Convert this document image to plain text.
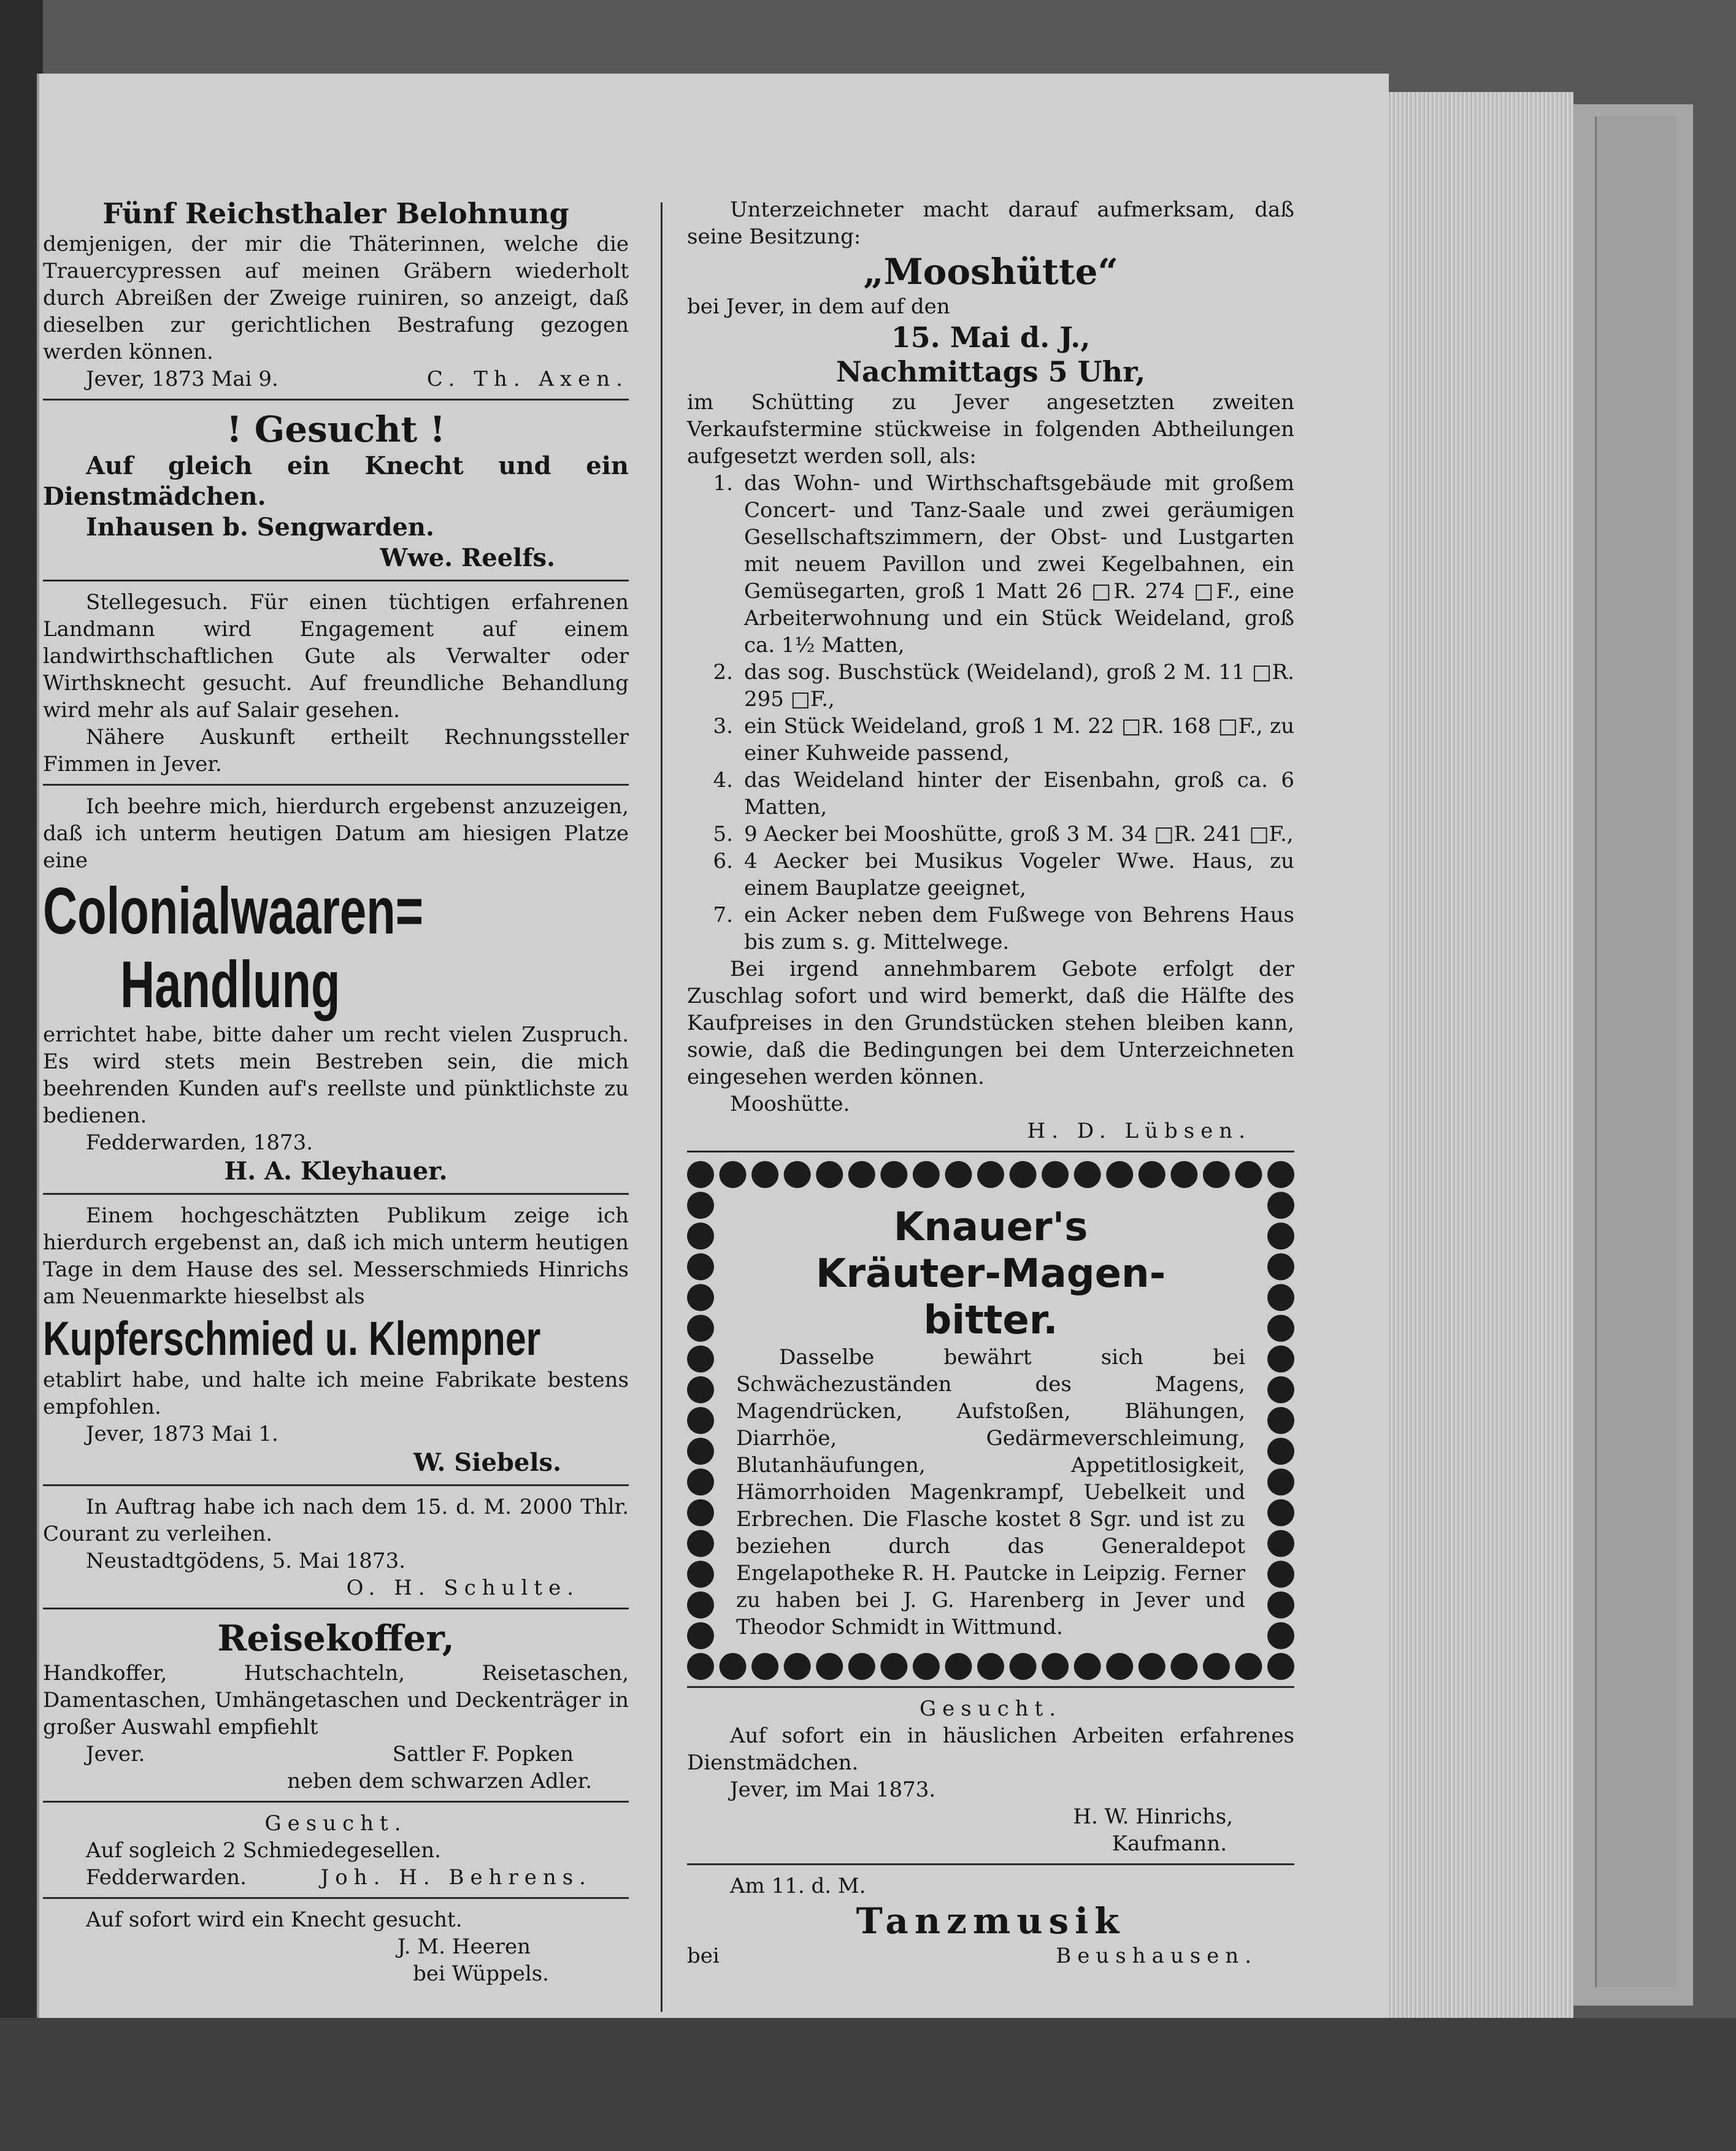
Fünf Reichsthaler Belohnung

demjenigen, der mir die Thäterinnen, welche die Trauercypressen auf meinen Gräbern wiederholt durch Abreißen der Zweige ruiniren, so anzeigt, daß dieselben zur gerichtlichen Bestrafung gezogen werden können.

Jever, 1873 Mai 9.	C. Th. Axen.

! Gesucht !

Auf gleich ein Knecht und ein Dienstmädchen.

Inhausen b. Sengwarden.

Wwe. Reelfs.

Stellegesuch. Für einen tüchtigen erfahrenen Landmann wird Engagement auf einem landwirthschaftlichen Gute als Verwalter oder Wirthsknecht gesucht. Auf freundliche Behandlung wird mehr als auf Salair gesehen.

Nähere Auskunft ertheilt Rechnungssteller Fimmen in Jever.

Ich beehre mich, hierdurch ergebenst anzuzeigen, daß ich unterm heutigen Datum am hiesigen Platze eine

Colonialwaaren=

Handlung

errichtet habe, bitte daher um recht vielen Zuspruch. Es wird stets mein Bestreben sein, die mich beehrenden Kunden auf's reellste und pünktlichste zu bedienen.

Fedderwarden, 1873.

H. A. Kleyhauer.

Einem hochgeschätzten Publikum zeige ich hierdurch ergebenst an, daß ich mich unterm heutigen Tage in dem Hause des sel. Messerschmieds Hinrichs am Neuenmarkte hieselbst als

Kupferschmied u. Klempner

etablirt habe, und halte ich meine Fabrikate bestens empfohlen.

Jever, 1873 Mai 1.

W. Siebels.

In Auftrag habe ich nach dem 15. d. M. 2000 Thlr. Courant zu verleihen.

Neustadtgödens, 5. Mai 1873.

O. H. Schulte.

Reisekoffer,

Handkoffer, Hutschachteln, Reisetaschen, Damentaschen, Umhängetaschen und Deckenträger in großer Auswahl empfiehlt

Jever.	Sattler F. Popken

neben dem schwarzen Adler.

Gesucht.

Auf sogleich 2 Schmiedegesellen.

Fedderwarden.	Joh. H. Behrens.

Auf sofort wird ein Knecht gesucht.

J. M. Heeren

bei Wüppels.

Unterzeichneter macht darauf aufmerksam, daß seine Besitzung:

„Mooshütte“

bei Jever, in dem auf den

15. Mai d. J.,

Nachmittags 5 Uhr,

im Schütting zu Jever angesetzten zweiten Verkaufstermine stückweise in folgenden Abtheilungen aufgesetzt werden soll, als:

1. das Wohn- und Wirthschaftsgebäude mit großem Concert- und Tanz-Saale und zwei geräumigen Gesellschaftszimmern, der Obst- und Lustgarten mit neuem Pavillon und zwei Kegelbahnen, ein Gemüsegarten, groß 1 Matt 26 □R. 274 □F., eine Arbeiterwohnung und ein Stück Weideland, groß ca. 1½ Matten,
2. das sog. Buschstück (Weideland), groß 2 M. 11 □R. 295 □F.,
3. ein Stück Weideland, groß 1 M. 22 □R. 168 □F., zu einer Kuhweide passend,
4. das Weideland hinter der Eisenbahn, groß ca. 6 Matten,
5. 9 Aecker bei Mooshütte, groß 3 M. 34 □R. 241 □F.,
6. 4 Aecker bei Musikus Vogeler Wwe. Haus, zu einem Bauplatze geeignet,
7. ein Acker neben dem Fußwege von Behrens Haus bis zum s. g. Mittelwege.

Bei irgend annehmbarem Gebote erfolgt der Zuschlag sofort und wird bemerkt, daß die Hälfte des Kaufpreises in den Grundstücken stehen bleiben kann, sowie, daß die Bedingungen bei dem Unterzeichneten eingesehen werden können.

Mooshütte.

H. D. Lübsen.

Knauer's

Kräuter-Magen-

bitter.

Dasselbe bewährt sich bei Schwächezuständen des Magens, Magendrücken, Aufstoßen, Blähungen, Diarrhöe, Gedärmeverschleimung, Blutanhäufungen, Appetitlosigkeit, Hämorrhoiden Magenkrampf, Uebelkeit und Erbrechen. Die Flasche kostet 8 Sgr. und ist zu beziehen durch das Generaldepot Engelapotheke R. H. Pautcke in Leipzig. Ferner zu haben bei J. G. Harenberg in Jever und Theodor Schmidt in Wittmund.

Gesucht.

Auf sofort ein in häuslichen Arbeiten erfahrenes Dienstmädchen.

Jever, im Mai 1873.

H. W. Hinrichs,

Kaufmann.

Am 11. d. M.

Tanzmusik

bei	Beushausen.
